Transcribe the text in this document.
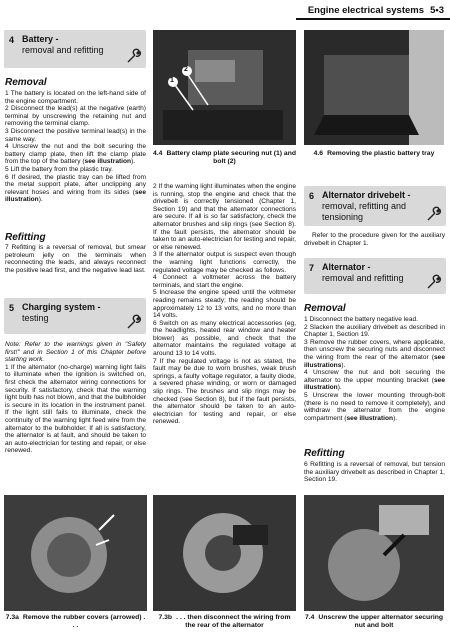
Engine electrical systems 5•3
4 Battery -
removal and refitting
Removal

1 The battery is located on the left-hand side of the engine compartment.

2 Disconnect the lead(s) at the negative (earth) terminal by unscrewing the retaining nut and removing the terminal clamp.

3 Disconnect the positive terminal lead(s) in the same way.

4 Unscrew the nut and the bolt securing the battery clamp plate, then lift the clamp plate from the top of the battery (see illustration).

5 Lift the battery from the plastic tray.

6 If desired, the plastic tray can be lifted from the metal support plate, after unclipping any relevant hoses and wiring from its sides (see illustration).

Refitting

7 Refitting is a reversal of removal, but smear petroleum jelly on the terminals when reconnecting the leads, and always reconnect the positive lead first, and the negative lead last.

5 Charging system -
testing

Note: Refer to the warnings given in "Safety first!" and in Section 1 of this Chapter before starting work.

1 If the alternator (no-charge) warning light fails to illuminate when the ignition is switched on, first check the alternator wiring connections for security. If satisfactory, check that the warning light bulb has not blown, and that the bulbholder is secure in its location in the instrument panel. If the light still fails to illuminate, check the continuity of the warning light feed wire from the alternator to the bulbholder. If all is satisfactory, the alternator is at fault, and should be taken to an auto-electrician for testing and repair, or else renewed.

1
2
4.4 Battery clamp plate securing nut (1) and bolt (2)
4.6 Removing the plastic battery tray

2 If the warning light illuminates when the engine is running, stop the engine and check that the drivebelt is correctly tensioned (Chapter 1, Section 19) and that the alternator connections are secure. If all is so far satisfactory, check the alternator brushes and slip rings (see Section 8). If the fault persists, the alternator should be taken to an auto-electrician for testing and repair, or else renewed.

3 If the alternator output is suspect even though the warning light functions correctly, the regulated voltage may be checked as follows.

4 Connect a voltmeter across the battery terminals, and start the engine.

5 Increase the engine speed until the voltmeter reading remains steady; the reading should be approximately 12 to 13 volts, and no more than 14 volts.

6 Switch on as many electrical accessories (eg, the headlights, heated rear window and heater blower) as possible, and check that the alternator maintains the regulated voltage at around 13 to 14 volts.

7 If the regulated voltage is not as stated, the fault may be due to worn brushes, weak brush springs, a faulty voltage regulator, a faulty diode, a severed phase winding, or worn or damaged slip rings. The brushes and slip rings may be checked (see Section 8), but if the fault persists, the alternator should be taken to an auto-electrician for testing and repair, or else renewed.

6 Alternator drivebelt -
removal, refitting and tensioning

Refer to the procedure given for the auxiliary drivebelt in Chapter 1.

7 Alternator -
removal and refitting
Removal

1 Disconnect the battery negative lead.

2 Slacken the auxiliary drivebelt as described in Chapter 1, Section 19.

3 Remove the rubber covers, where applicable, then unscrew the securing nuts and disconnect the wiring from the rear of the alternator (see illustrations).

4 Unscrew the nut and bolt securing the alternator to the upper mounting bracket (see illustration).

5 Unscrew the lower mounting through-bolt (there is no need to remove it completely), and withdraw the alternator from the engine compartment (see illustration).

Refitting

6 Refitting is a reversal of removal, but tension the auxiliary drivebelt as described in Chapter 1, Section 19.

7.3a Remove the rubber covers (arrowed) . . .
7.3b . . . then disconnect the wiring from the rear of the alternator
7.4 Unscrew the upper alternator securing nut and bolt
